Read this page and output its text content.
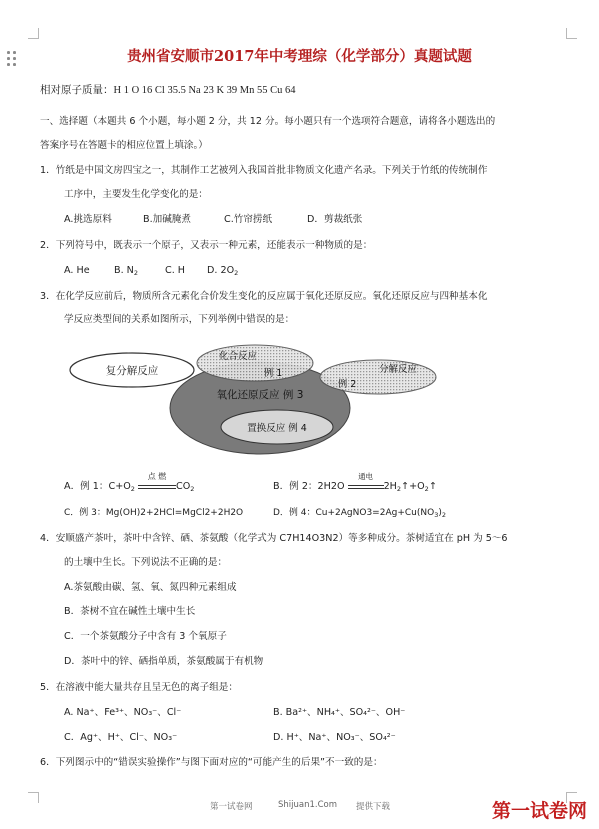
贵州省安顺市2017年中考理综（化学部分）真题试题
相对原子质量：H 1 O 16 Cl 35.5 Na 23 K 39 Mn 55 Cu 64
一、选择题（本题共 6 个小题，每小题 2 分，共 12 分。每小题只有一个选项符合题意，请将各小题选出的
答案序号在答题卡的相应位置上填涂。）
1．竹纸是中国文房四宝之一，其制作工艺被列入我国首批非物质文化遗产名录。下列关于竹纸的传统制作
工序中，主要发生化学变化的是：
A.挑选原料	B.加碱腌煮	C.竹帘捞纸	D．剪裁纸张
2．下列符号中，既表示一个原子，又表示一种元素，还能表示一种物质的是：
A. He	B. $N_2$	C. H D. $2O_2$
3．在化学反应前后，物质所含元素化合价发生变化的反应属于氧化还原反应。氧化还原反应与四种基本化
学反应类型间的关系如图所示，下列举例中错误的是：
复分解反应
氧化还原反应 例 3
化合反应
例 1	分解反应
例 2
置换反应 例 4
A．例 1：$C+O_2$
点 燃
$CO_2$	B．例 2：2H2O
通电
$2H_2↑+O_2↑$
C．例 3：Mg(OH)2+2HCl=MgCl2+2H2O	D．例 4：$Cu+2AgNO3=2Ag+Cu(NO_3)_2$
4．安顺盛产茶叶，茶叶中含锌、硒、茶氨酸（化学式为 C7H14O3N2）等多种成分。茶树适宜在 pH 为 5～6
的土壤中生长。下列说法不正确的是：
A.茶氨酸由碳、氢、氧、氮四种元素组成
B．茶树不宜在碱性土壤中生长
C．一个茶氨酸分子中含有 3 个氧原子
D．茶叶中的锌、硒指单质，茶氨酸属于有机物
5．在溶液中能大量共存且呈无色的离子组是：
A. Na⁺、Fe³⁺、NO₃⁻、Cl⁻	B. Ba²⁺、NH₄⁺、SO₄²⁻、OH⁻
C．Ag⁺、H⁺、Cl⁻、NO₃⁻	D. H⁺、Na⁺、NO₃⁻、SO₄²⁻
6．下列图示中的“错误实验操作”与图下面对应的“可能产生的后果”不一致的是：
第一试卷网	Shijuan1.Com 提供下载	第一试卷网
